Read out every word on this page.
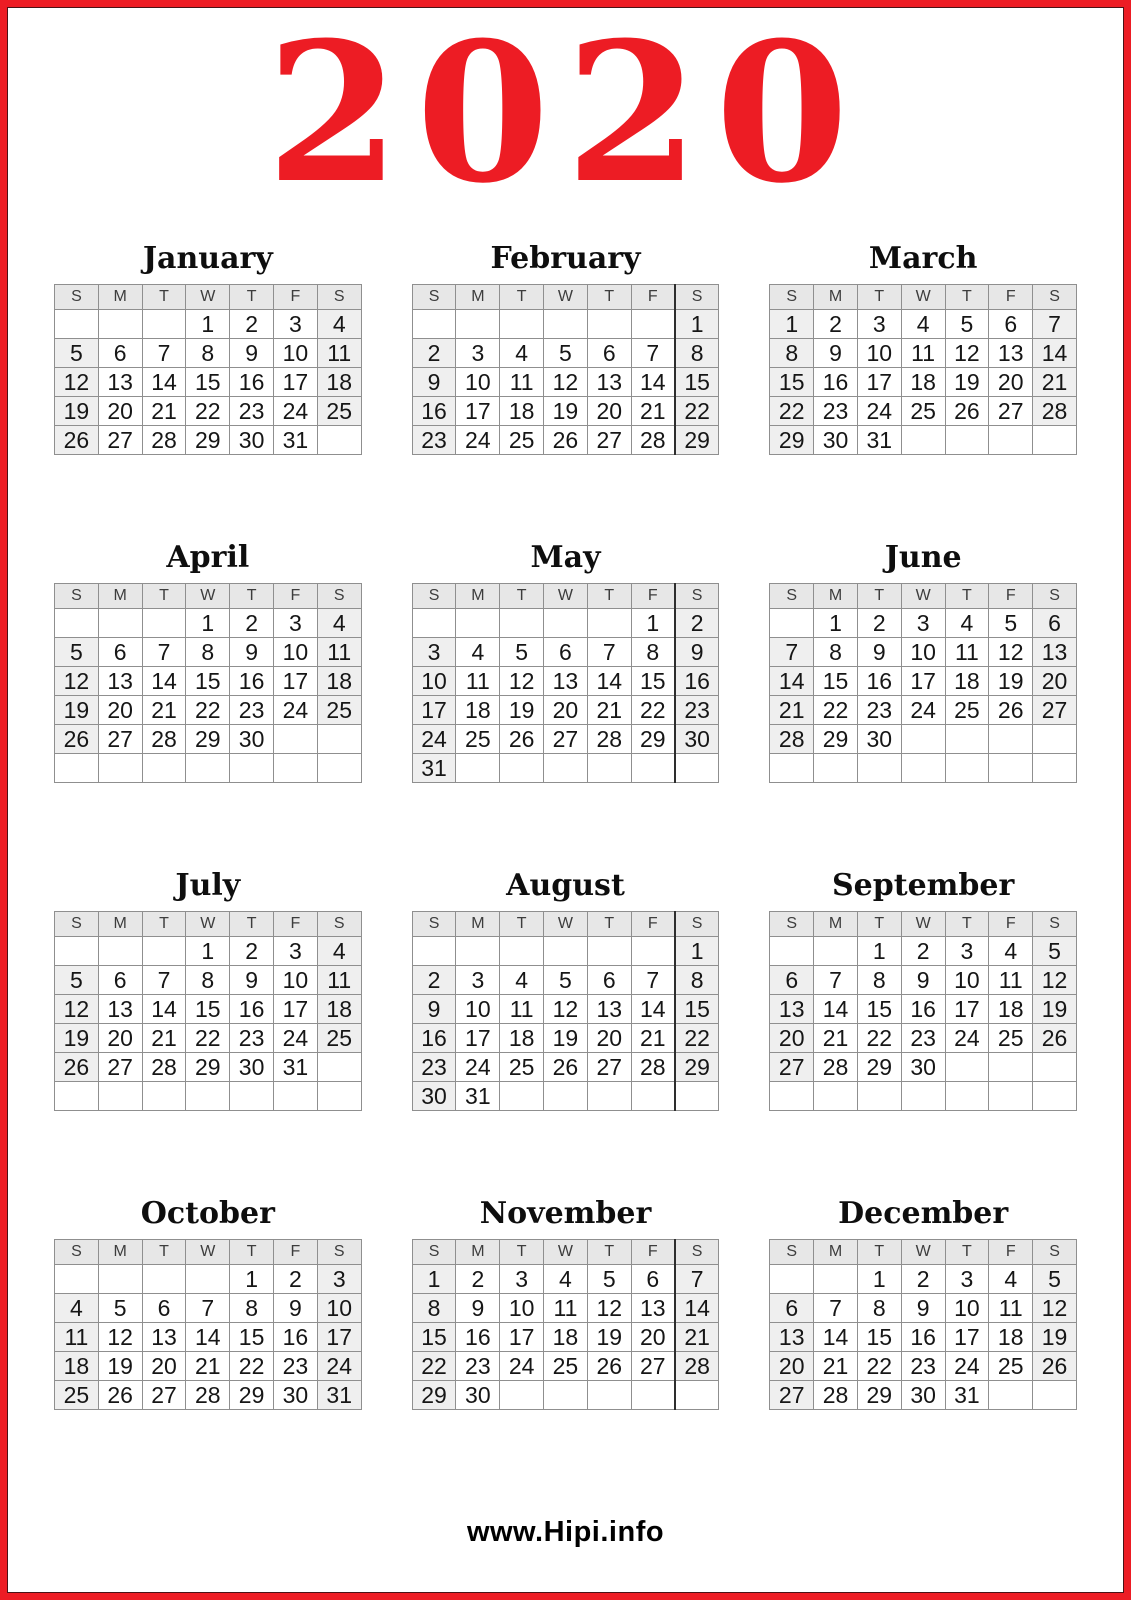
2020
January
S	M	T	W	T	F	S
			1	2	3	4
5	6	7	8	9	10	11
12	13	14	15	16	17	18
19	20	21	22	23	24	25
26	27	28	29	30	31	
February
S	M	T	W	T	F	S
						1
2	3	4	5	6	7	8
9	10	11	12	13	14	15
16	17	18	19	20	21	22
23	24	25	26	27	28	29
March
S	M	T	W	T	F	S
1	2	3	4	5	6	7
8	9	10	11	12	13	14
15	16	17	18	19	20	21
22	23	24	25	26	27	28
29	30	31				
April
S	M	T	W	T	F	S
			1	2	3	4
5	6	7	8	9	10	11
12	13	14	15	16	17	18
19	20	21	22	23	24	25
26	27	28	29	30		

May
S	M	T	W	T	F	S
					1	2
3	4	5	6	7	8	9
10	11	12	13	14	15	16
17	18	19	20	21	22	23
24	25	26	27	28	29	30
31						
June
S	M	T	W	T	F	S
	1	2	3	4	5	6
7	8	9	10	11	12	13
14	15	16	17	18	19	20
21	22	23	24	25	26	27
28	29	30				

July
S	M	T	W	T	F	S
			1	2	3	4
5	6	7	8	9	10	11
12	13	14	15	16	17	18
19	20	21	22	23	24	25
26	27	28	29	30	31	

August
S	M	T	W	T	F	S
						1
2	3	4	5	6	7	8
9	10	11	12	13	14	15
16	17	18	19	20	21	22
23	24	25	26	27	28	29
30	31					
September
S	M	T	W	T	F	S
		1	2	3	4	5
6	7	8	9	10	11	12
13	14	15	16	17	18	19
20	21	22	23	24	25	26
27	28	29	30			

October
S	M	T	W	T	F	S
				1	2	3
4	5	6	7	8	9	10
11	12	13	14	15	16	17
18	19	20	21	22	23	24
25	26	27	28	29	30	31
November
S	M	T	W	T	F	S
1	2	3	4	5	6	7
8	9	10	11	12	13	14
15	16	17	18	19	20	21
22	23	24	25	26	27	28
29	30					
December
S	M	T	W	T	F	S
		1	2	3	4	5
6	7	8	9	10	11	12
13	14	15	16	17	18	19
20	21	22	23	24	25	26
27	28	29	30	31		
www.Hipi.info
